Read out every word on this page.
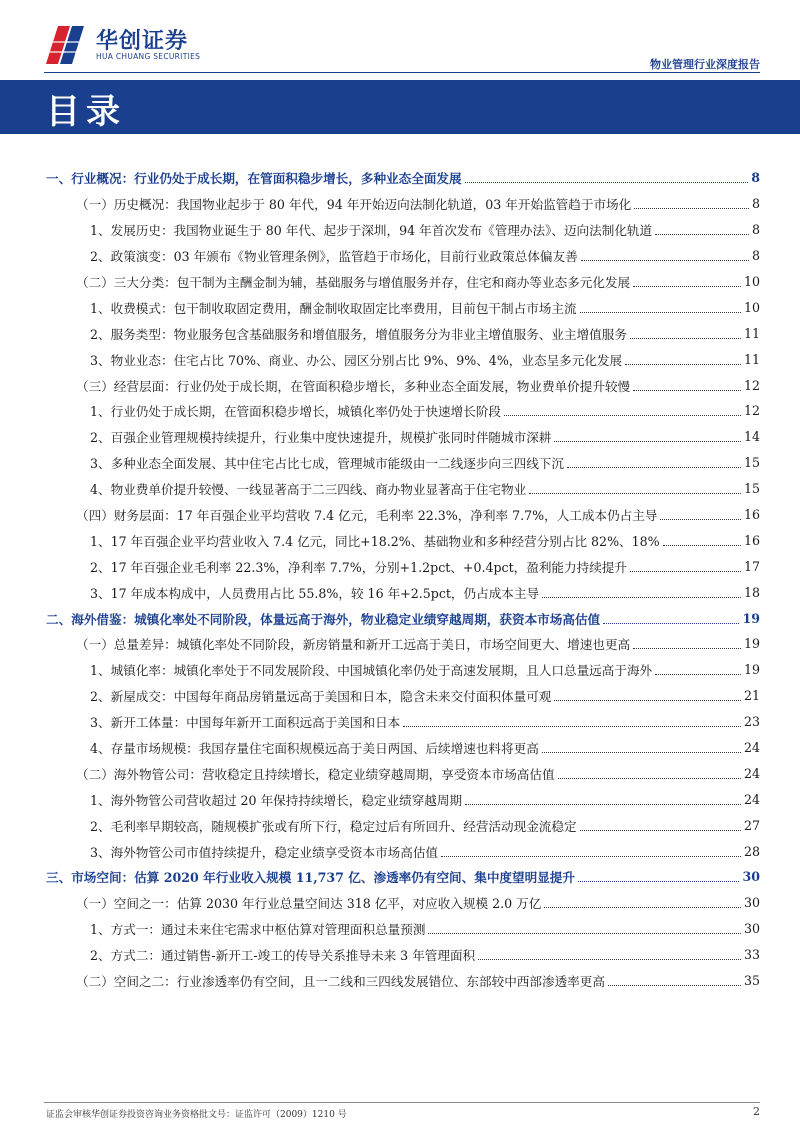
华创证券
HUA CHUANG SECURITIES
物业管理行业深度报告
目录
一、行业概况：行业仍处于成长期，在管面积稳步增长，多种业态全面发展	8
（一）历史概况：我国物业起步于 80 年代，94 年开始迈向法制化轨道，03 年开始监管趋于市场化	8
1、发展历史：我国物业诞生于 80 年代、起步于深圳，94 年首次发布《管理办法》、迈向法制化轨道	8
2、政策演变：03 年颁布《物业管理条例》，监管趋于市场化，目前行业政策总体偏友善	8
（二）三大分类：包干制为主酬金制为辅，基础服务与增值服务并存，住宅和商办等业态多元化发展	10
1、收费模式：包干制收取固定费用，酬金制收取固定比率费用，目前包干制占市场主流	10
2、服务类型：物业服务包含基础服务和增值服务，增值服务分为非业主增值服务、业主增值服务	11
3、物业业态：住宅占比 70%、商业、办公、园区分别占比 9%、9%、4%，业态呈多元化发展	11
（三）经营层面：行业仍处于成长期，在管面积稳步增长，多种业态全面发展，物业费单价提升较慢	12
1、行业仍处于成长期，在管面积稳步增长，城镇化率仍处于快速增长阶段	12
2、百强企业管理规模持续提升，行业集中度快速提升，规模扩张同时伴随城市深耕	14
3、多种业态全面发展、其中住宅占比七成，管理城市能级由一二线逐步向三四线下沉	15
4、物业费单价提升较慢、一线显著高于二三四线、商办物业显著高于住宅物业	15
（四）财务层面：17 年百强企业平均营收 7.4 亿元，毛利率 22.3%，净利率 7.7%，人工成本仍占主导	16
1、17 年百强企业平均营业收入 7.4 亿元，同比+18.2%、基础物业和多种经营分别占比 82%、18%	16
2、17 年百强企业毛利率 22.3%，净利率 7.7%，分别+1.2pct、+0.4pct，盈利能力持续提升	17
3、17 年成本构成中，人员费用占比 55.8%，较 16 年+2.5pct，仍占成本主导	18
二、海外借鉴：城镇化率处不同阶段，体量远高于海外，物业稳定业绩穿越周期，获资本市场高估值	19
（一）总量差异：城镇化率处不同阶段，新房销量和新开工远高于美日，市场空间更大、增速也更高	19
1、城镇化率：城镇化率处于不同发展阶段、中国城镇化率仍处于高速发展期，且人口总量远高于海外	19
2、新屋成交：中国每年商品房销量远高于美国和日本，隐含未来交付面积体量可观	21
3、新开工体量：中国每年新开工面积远高于美国和日本	23
4、存量市场规模：我国存量住宅面积规模远高于美日两国、后续增速也料将更高	24
（二）海外物管公司：营收稳定且持续增长，稳定业绩穿越周期，享受资本市场高估值	24
1、海外物管公司营收超过 20 年保持持续增长，稳定业绩穿越周期	24
2、毛利率早期较高，随规模扩张或有所下行，稳定过后有所回升、经营活动现金流稳定	27
3、海外物管公司市值持续提升，稳定业绩享受资本市场高估值	28
三、市场空间：估算 2020 年行业收入规模 11,737 亿、渗透率仍有空间、集中度望明显提升	30
（一）空间之一：估算 2030 年行业总量空间达 318 亿平，对应收入规模 2.0 万亿	30
1、方式一：通过未来住宅需求中枢估算对管理面积总量预测	30
2、方式二：通过销售-新开工-竣工的传导关系推导未来 3 年管理面积	33
（二）空间之二：行业渗透率仍有空间，且一二线和三四线发展错位、东部较中西部渗透率更高	35
证监会审核华创证券投资咨询业务资格批文号：证监许可（2009）1210 号	2
